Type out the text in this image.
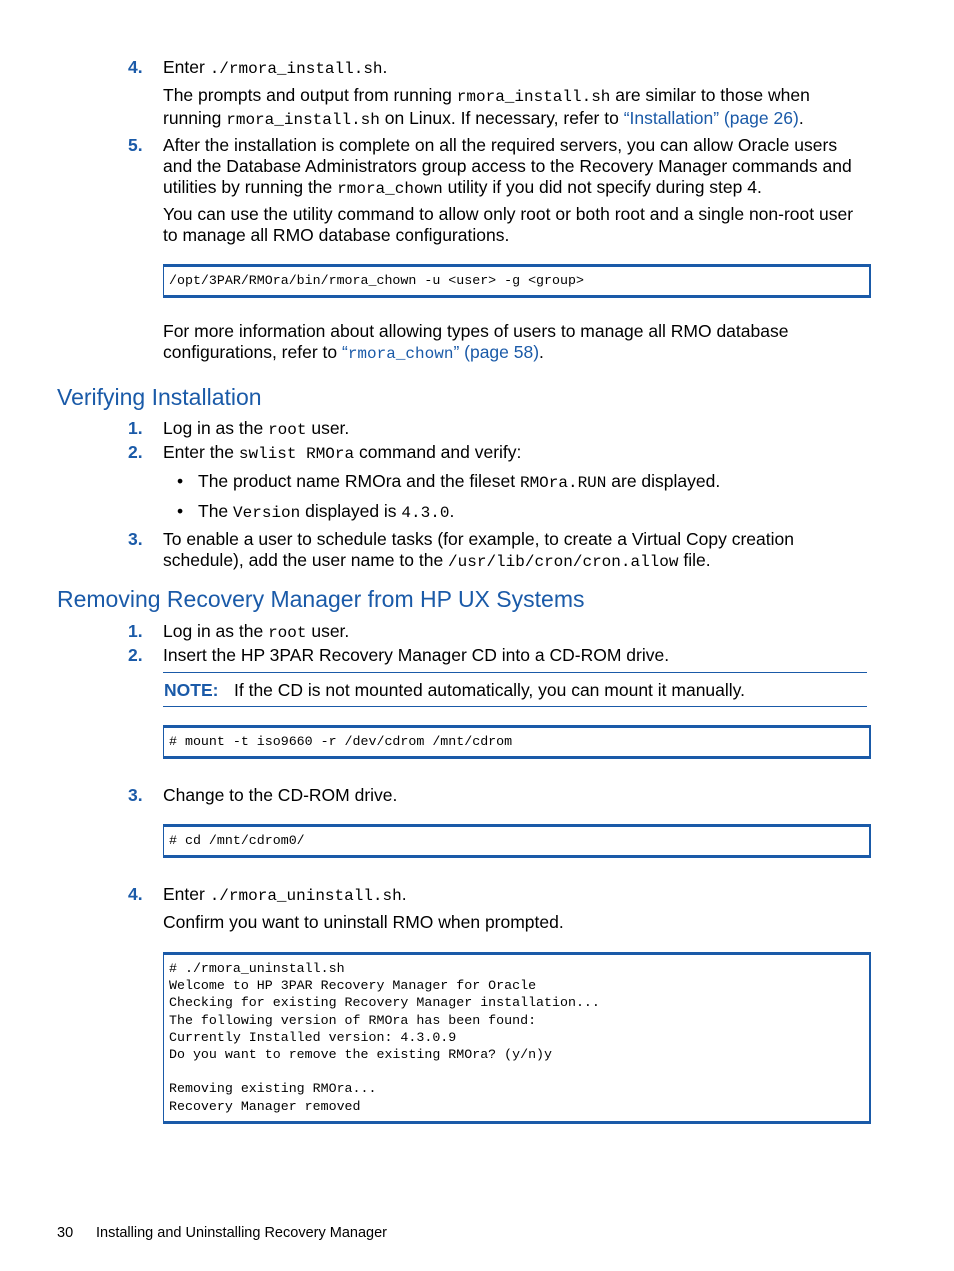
4. Enter ./rmora_install.sh.
The prompts and output from running rmora_install.sh are similar to those when running rmora_install.sh on Linux. If necessary, refer to “Installation” (page 26).
5. After the installation is complete on all the required servers, you can allow Oracle users and the Database Administrators group access to the Recovery Manager commands and utilities by running the rmora_chown utility if you did not specify during step 4.
You can use the utility command to allow only root or both root and a single non-root user to manage all RMO database configurations.
/opt/3PAR/RMOra/bin/rmora_chown -u <user> -g <group>
For more information about allowing types of users to manage all RMO database configurations, refer to “rmora_chown” (page 58).
Verifying Installation
1. Log in as the root user.
2. Enter the swlist RMOra command and verify:
• The product name RMOra and the fileset RMOra.RUN are displayed.
• The Version displayed is 4.3.0.
3. To enable a user to schedule tasks (for example, to create a Virtual Copy creation schedule), add the user name to the /usr/lib/cron/cron.allow file.
Removing Recovery Manager from HP UX Systems
1. Log in as the root user.
2. Insert the HP 3PAR Recovery Manager CD into a CD-ROM drive.
NOTE: If the CD is not mounted automatically, you can mount it manually.
# mount -t iso9660 -r /dev/cdrom /mnt/cdrom
3. Change to the CD-ROM drive.
# cd /mnt/cdrom0/
4. Enter ./rmora_uninstall.sh.
Confirm you want to uninstall RMO when prompted.
# ./rmora_uninstall.sh
Welcome to HP 3PAR Recovery Manager for Oracle
Checking for existing Recovery Manager installation...
The following version of RMOra has been found:
Currently Installed version: 4.3.0.9
Do you want to remove the existing RMOra? (y/n)y

Removing existing RMOra...
Recovery Manager removed
30 Installing and Uninstalling Recovery Manager
